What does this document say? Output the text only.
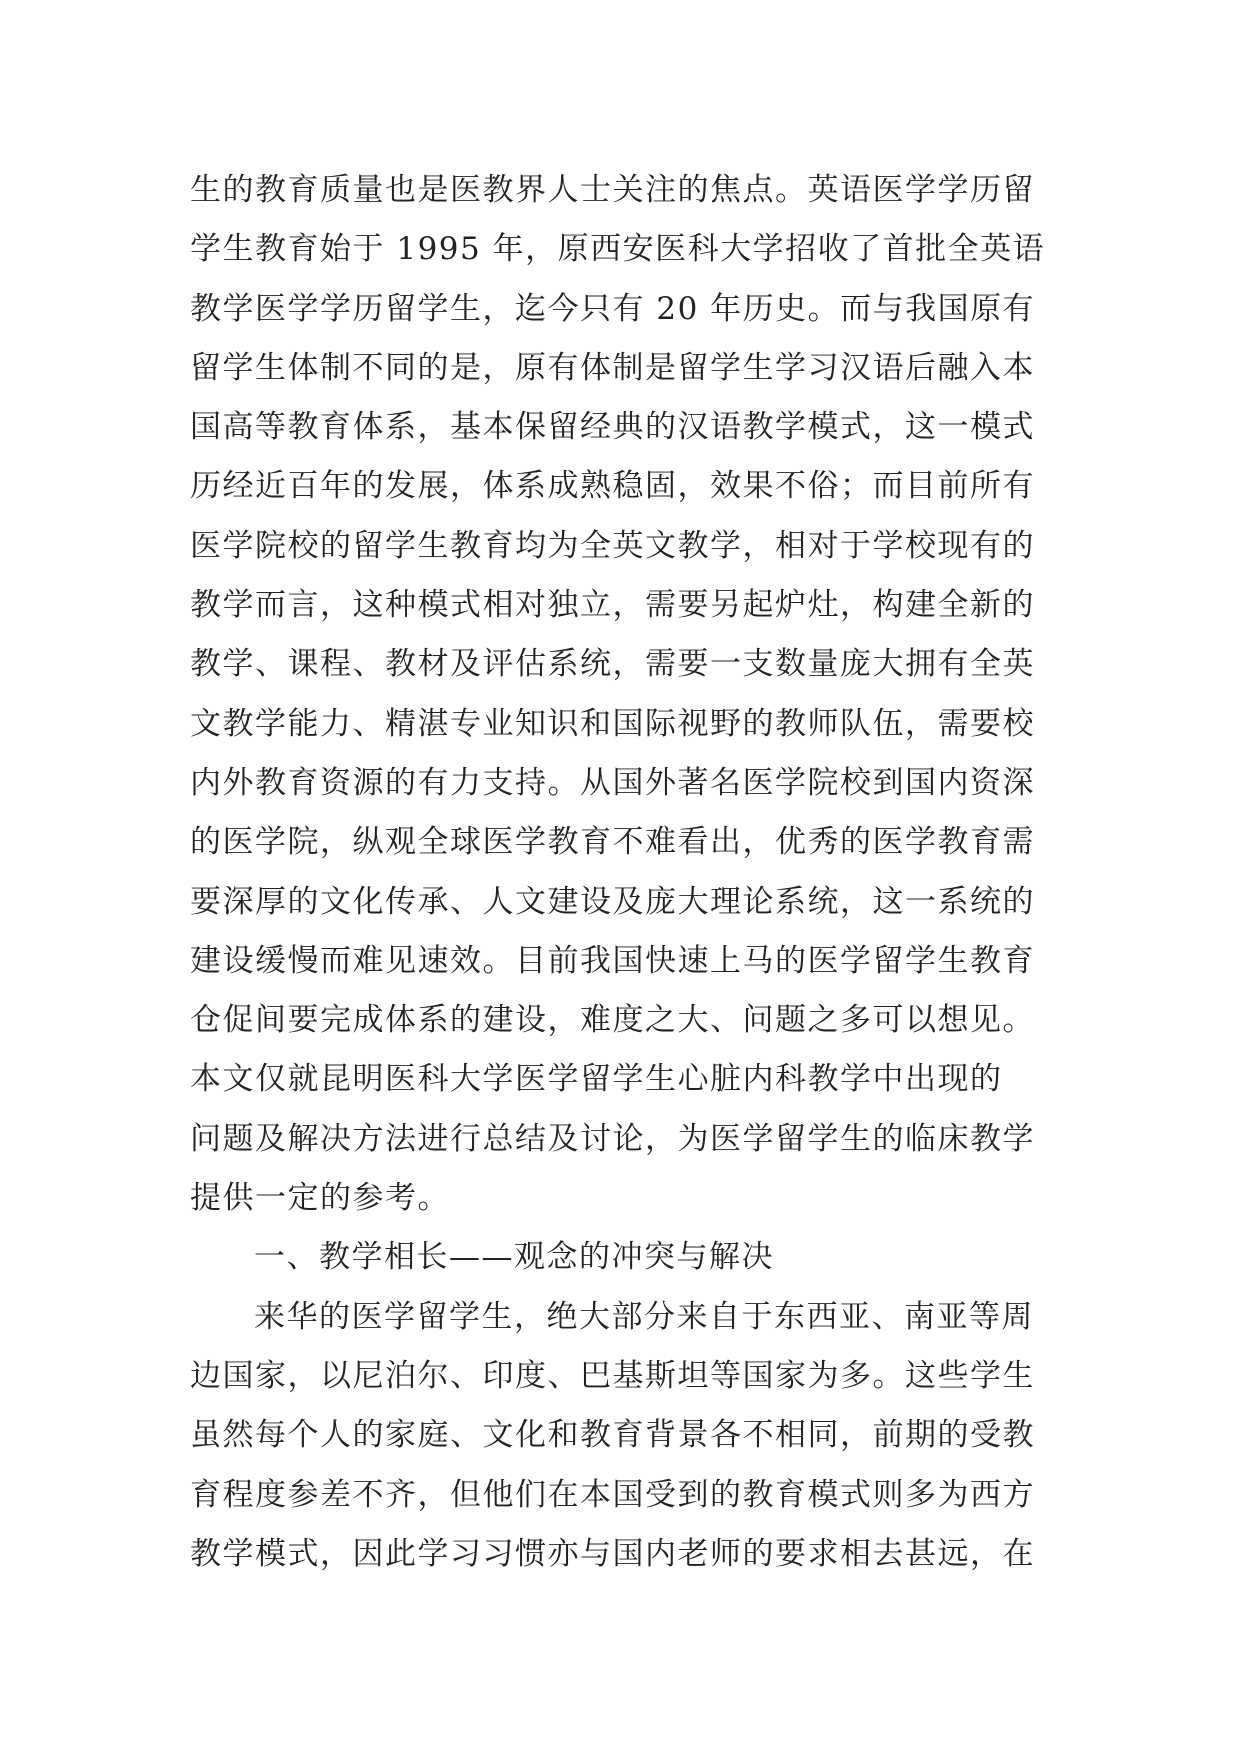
生的教育质量也是医教界人士关注的焦点。英语医学学历留
学生教育始于 1995 年，原西安医科大学招收了首批全英语
教学医学学历留学生，迄今只有 20 年历史。而与我国原有
留学生体制不同的是，原有体制是留学生学习汉语后融入本
国高等教育体系，基本保留经典的汉语教学模式，这一模式
历经近百年的发展，体系成熟稳固，效果不俗；而目前所有
医学院校的留学生教育均为全英文教学，相对于学校现有的
教学而言，这种模式相对独立，需要另起炉灶，构建全新的
教学、课程、教材及评估系统，需要一支数量庞大拥有全英
文教学能力、精湛专业知识和国际视野的教师队伍，需要校
内外教育资源的有力支持。从国外著名医学院校到国内资深
的医学院，纵观全球医学教育不难看出，优秀的医学教育需
要深厚的文化传承、人文建设及庞大理论系统，这一系统的
建设缓慢而难见速效。目前我国快速上马的医学留学生教育
仓促间要完成体系的建设，难度之大、问题之多可以想见。
本文仅就昆明医科大学医学留学生心脏内科教学中出现的
问题及解决方法进行总结及讨论，为医学留学生的临床教学
提供一定的参考。
一、教学相长——观念的冲突与解决
来华的医学留学生，绝大部分来自于东西亚、南亚等周
边国家，以尼泊尔、印度、巴基斯坦等国家为多。这些学生
虽然每个人的家庭、文化和教育背景各不相同，前期的受教
育程度参差不齐，但他们在本国受到的教育模式则多为西方
教学模式，因此学习习惯亦与国内老师的要求相去甚远，在
